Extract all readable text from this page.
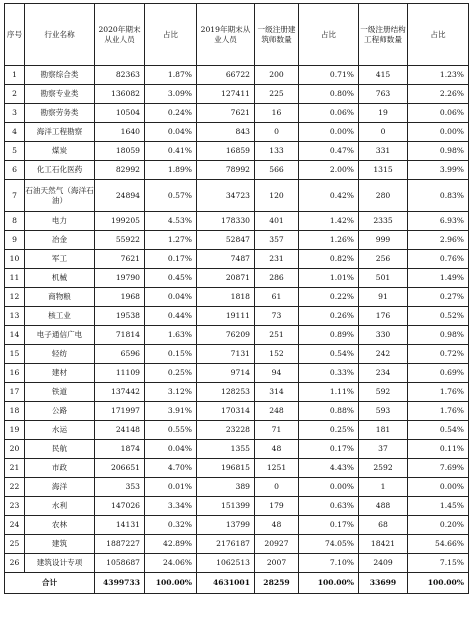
序号	行业名称	2020年期末从业人员	占比	2019年期末从业人员	一级注册建筑师数量	占比	一级注册结构工程师数量	占比
1	勘察综合类	82363	1.87%	66722	200	0.71%	415	1.23%
2	勘察专业类	136082	3.09%	127411	225	0.80%	763	2.26%
3	勘察劳务类	10504	0.24%	7621	16	0.06%	19	0.06%
4	海洋工程勘察	1640	0.04%	843	0	0.00%	0	0.00%
5	煤炭	18059	0.41%	16859	133	0.47%	331	0.98%
6	化工石化医药	82992	1.89%	78992	566	2.00%	1315	3.99%
7	石油天然气（海洋石油）	24894	0.57%	34723	120	0.42%	280	0.83%
8	电力	199205	4.53%	178330	401	1.42%	2335	6.93%
9	冶金	55922	1.27%	52847	357	1.26%	999	2.96%
10	军工	7621	0.17%	7487	231	0.82%	256	0.76%
11	机械	19790	0.45%	20871	286	1.01%	501	1.49%
12	商物粮	1968	0.04%	1818	61	0.22%	91	0.27%
13	核工业	19538	0.44%	19111	73	0.26%	176	0.52%
14	电子通信广电	71814	1.63%	76209	251	0.89%	330	0.98%
15	轻纺	6596	0.15%	7131	152	0.54%	242	0.72%
16	建材	11109	0.25%	9714	94	0.33%	234	0.69%
17	铁道	137442	3.12%	128253	314	1.11%	592	1.76%
18	公路	171997	3.91%	170314	248	0.88%	593	1.76%
19	水运	24148	0.55%	23228	71	0.25%	181	0.54%
20	民航	1874	0.04%	1355	48	0.17%	37	0.11%
21	市政	206651	4.70%	196815	1251	4.43%	2592	7.69%
22	海洋	353	0.01%	389	0	0.00%	1	0.00%
23	水利	147026	3.34%	151399	179	0.63%	488	1.45%
24	农林	14131	0.32%	13799	48	0.17%	68	0.20%
25	建筑	1887227	42.89%	2176187	20927	74.05%	18421	54.66%
26	建筑设计专项	1058687	24.06%	1062513	2007	7.10%	2409	7.15%
合计		4399733	100.00%	4631001	28259	100.00%	33699	100.00%
